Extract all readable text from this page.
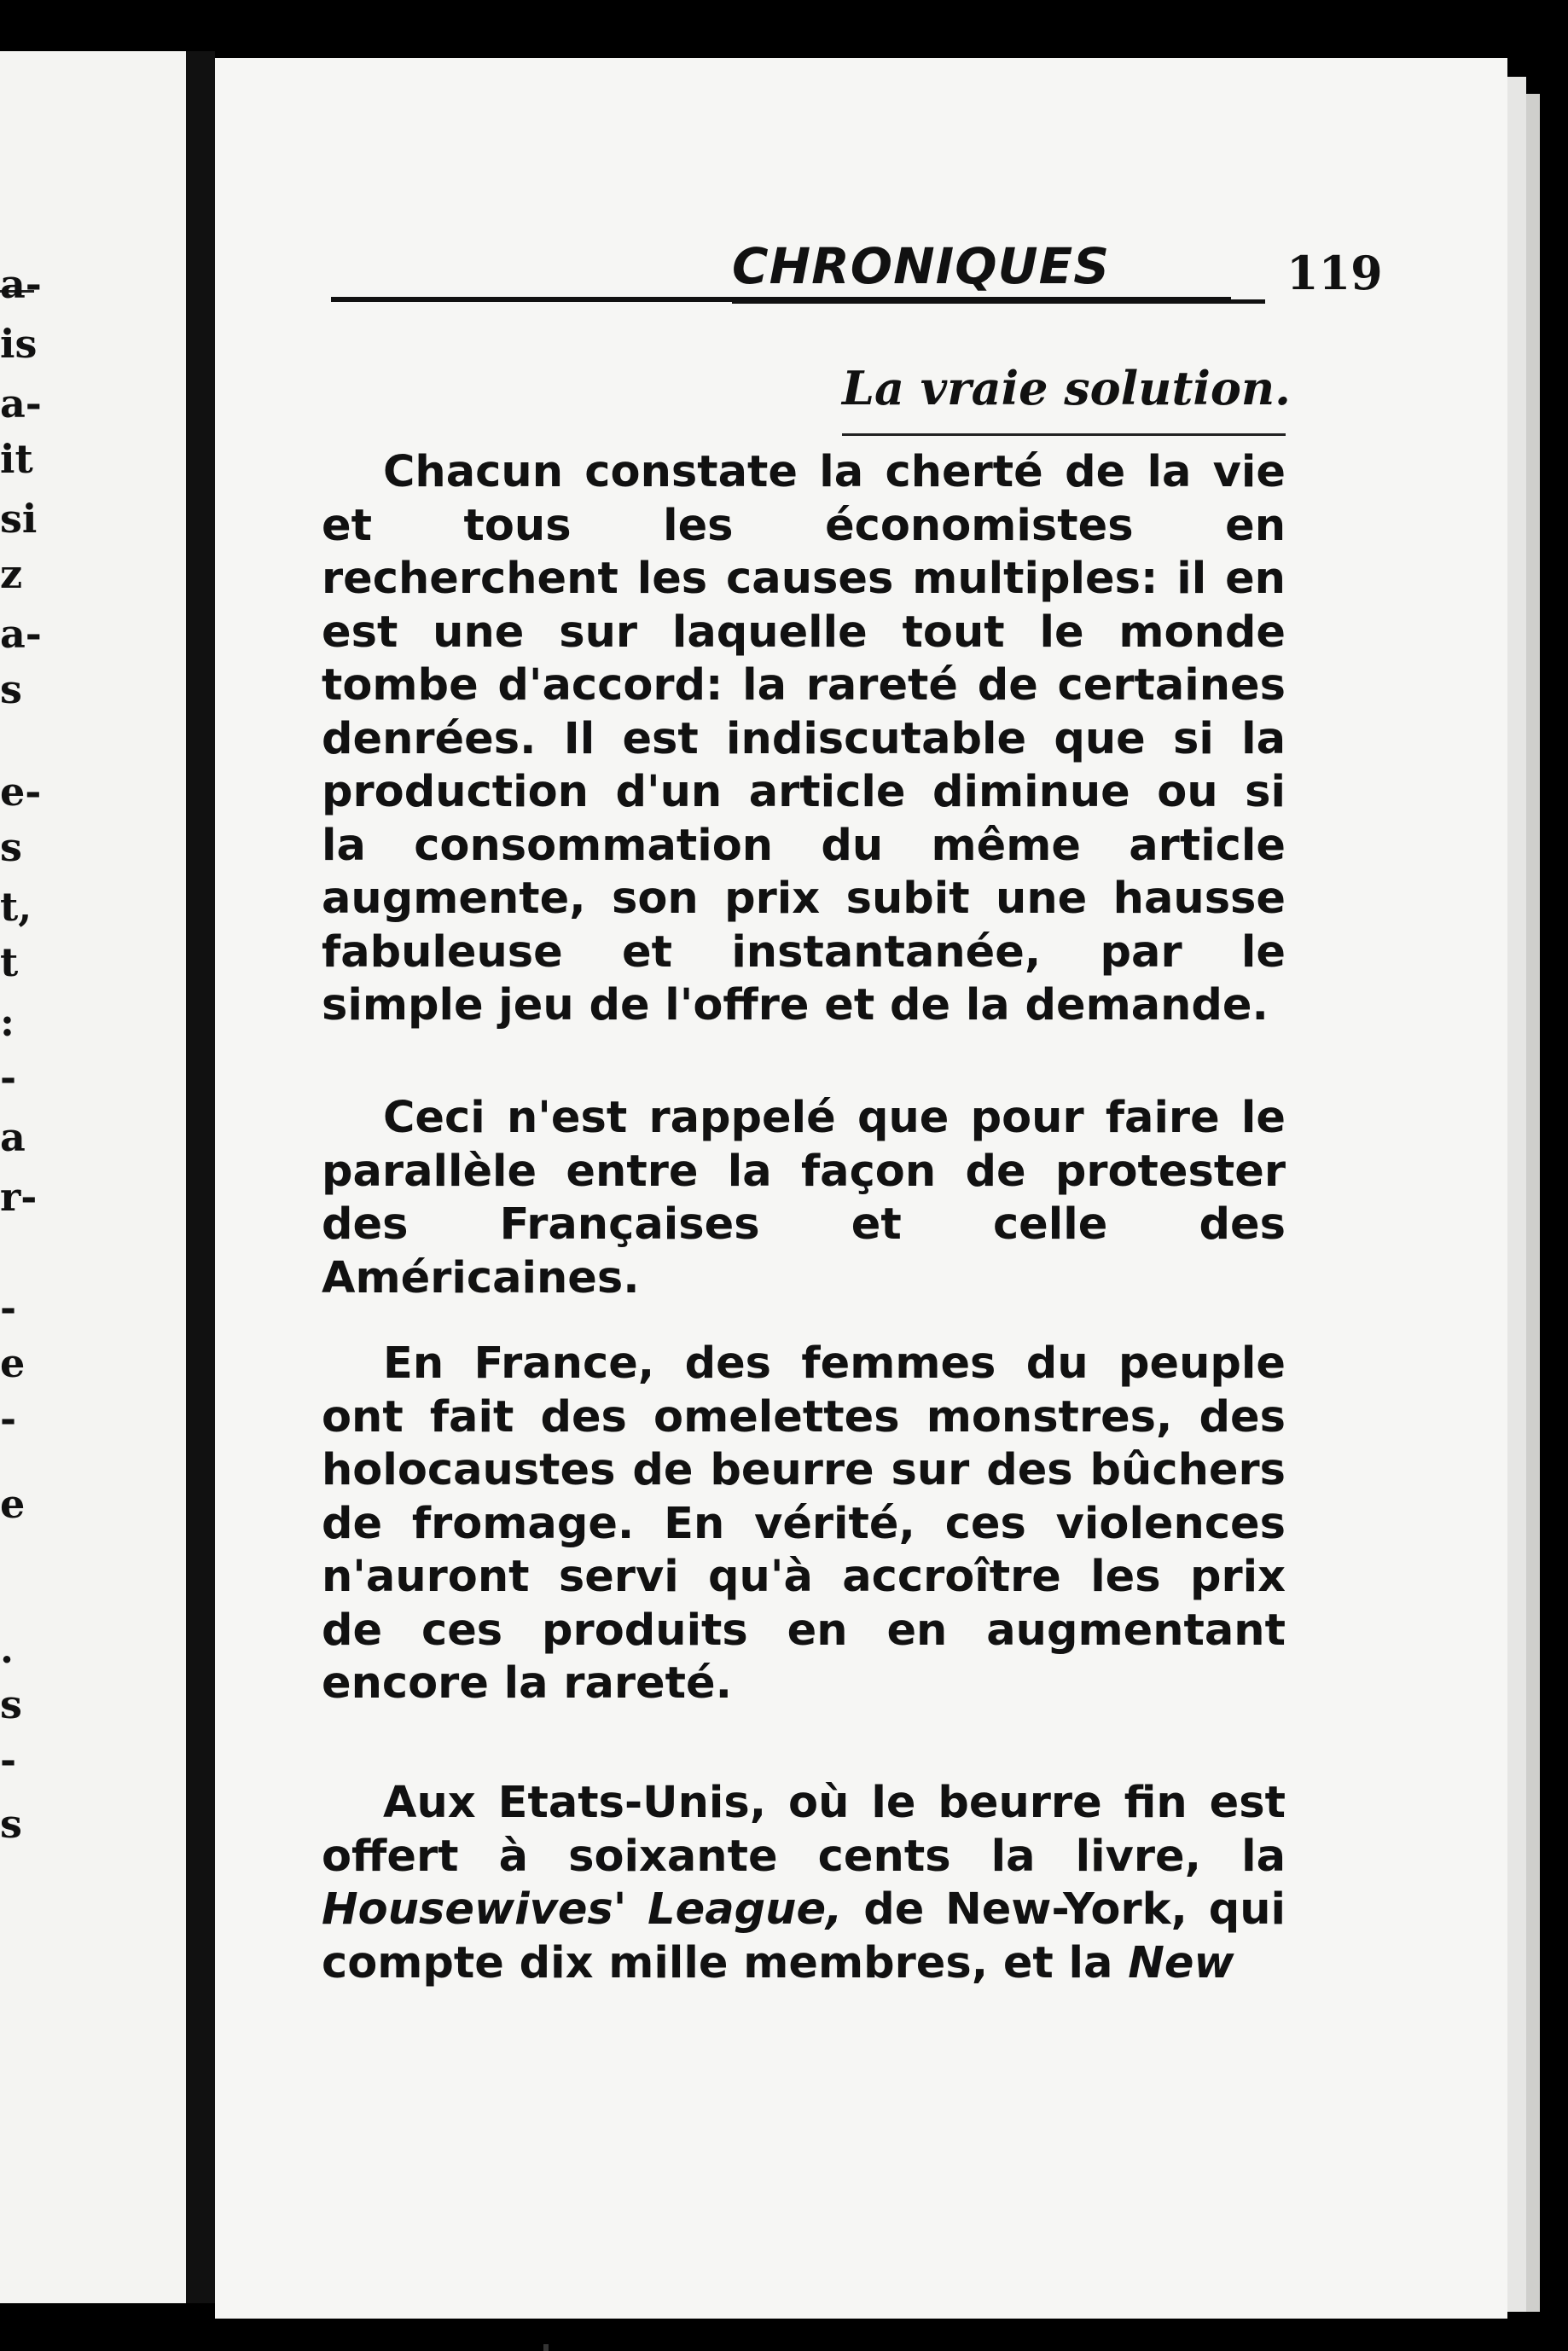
a-
is
a-
it
si
z
a-
s
e-
s
t,
t
:
-
a
r-
-
e
-
e
.
s
-
s
CHRONIQUES	119
La vraie solution.

Chacun constate la cherté de la vie et tous les économistes en recherchent les causes multiples: il en est une sur laquelle tout le monde tombe d'accord: la rareté de certaines denrées. Il est indiscutable que si la production d'un article diminue ou si la consommation du même article augmente, son prix subit une hausse fabuleuse et instantanée, par le simple jeu de l'offre et de la demande.

Ceci n'est rappelé que pour faire le parallèle entre la façon de protester des Françaises et celle des Américaines.

En France, des femmes du peuple ont fait des omelettes monstres, des holocaustes de beurre sur des bûchers de fromage. En vérité, ces violences n'auront servi qu'à accroître les prix de ces produits en en augmentant encore la rareté.

Aux Etats-Unis, où le beurre fin est offert à soixante cents la livre, la Housewives' League, de New-York, qui compte dix mille membres, et la New
